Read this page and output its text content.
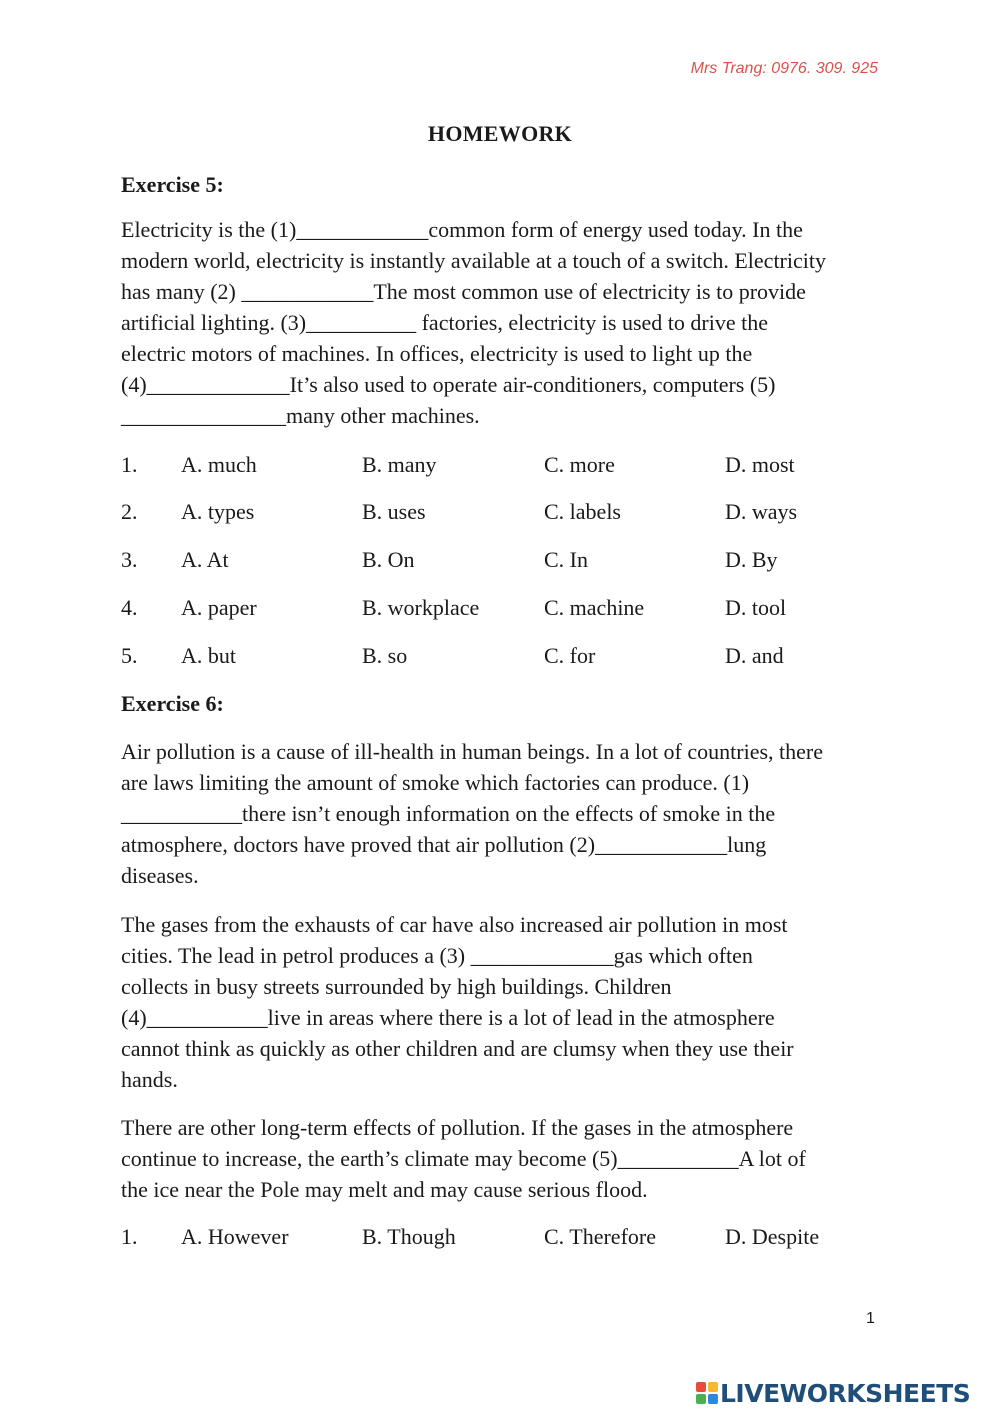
Mrs Trang: 0976. 309. 925
HOMEWORK
Exercise 5:

Electricity is the (1)____________common form of energy used today. In the
modern world, electricity is instantly available at a touch of a switch. Electricity
has many (2) ____________The most common use of electricity is to provide
artificial lighting. (3)__________ factories, electricity is used to drive the
electric motors of machines. In offices, electricity is used to light up the
(4)_____________It’s also used to operate air-conditioners, computers (5)
_______________many other machines.

1. A. much	B. many	C. more	D. most
2. A. types	B. uses	C. labels	D. ways
3. A. At	B. On	C. In	D. By
4. A. paper	B. workplace	C. machine	D. tool
5. A. but	B. so	C. for	D. and
Exercise 6:

Air pollution is a cause of ill-health in human beings. In a lot of countries, there
are laws limiting the amount of smoke which factories can produce. (1)
___________there isn’t enough information on the effects of smoke in the
atmosphere, doctors have proved that air pollution (2)____________lung
diseases.

The gases from the exhausts of car have also increased air pollution in most
cities. The lead in petrol produces a (3) _____________gas which often
collects in busy streets surrounded by high buildings. Children
(4)___________live in areas where there is a lot of lead in the atmosphere
cannot think as quickly as other children and are clumsy when they use their
hands.

There are other long-term effects of pollution. If the gases in the atmosphere
continue to increase, the earth’s climate may become (5)___________A lot of
the ice near the Pole may melt and may cause serious flood.

1. A. However	B. Though	C. Therefore	D. Despite
1
LIVEWORKSHEETS
